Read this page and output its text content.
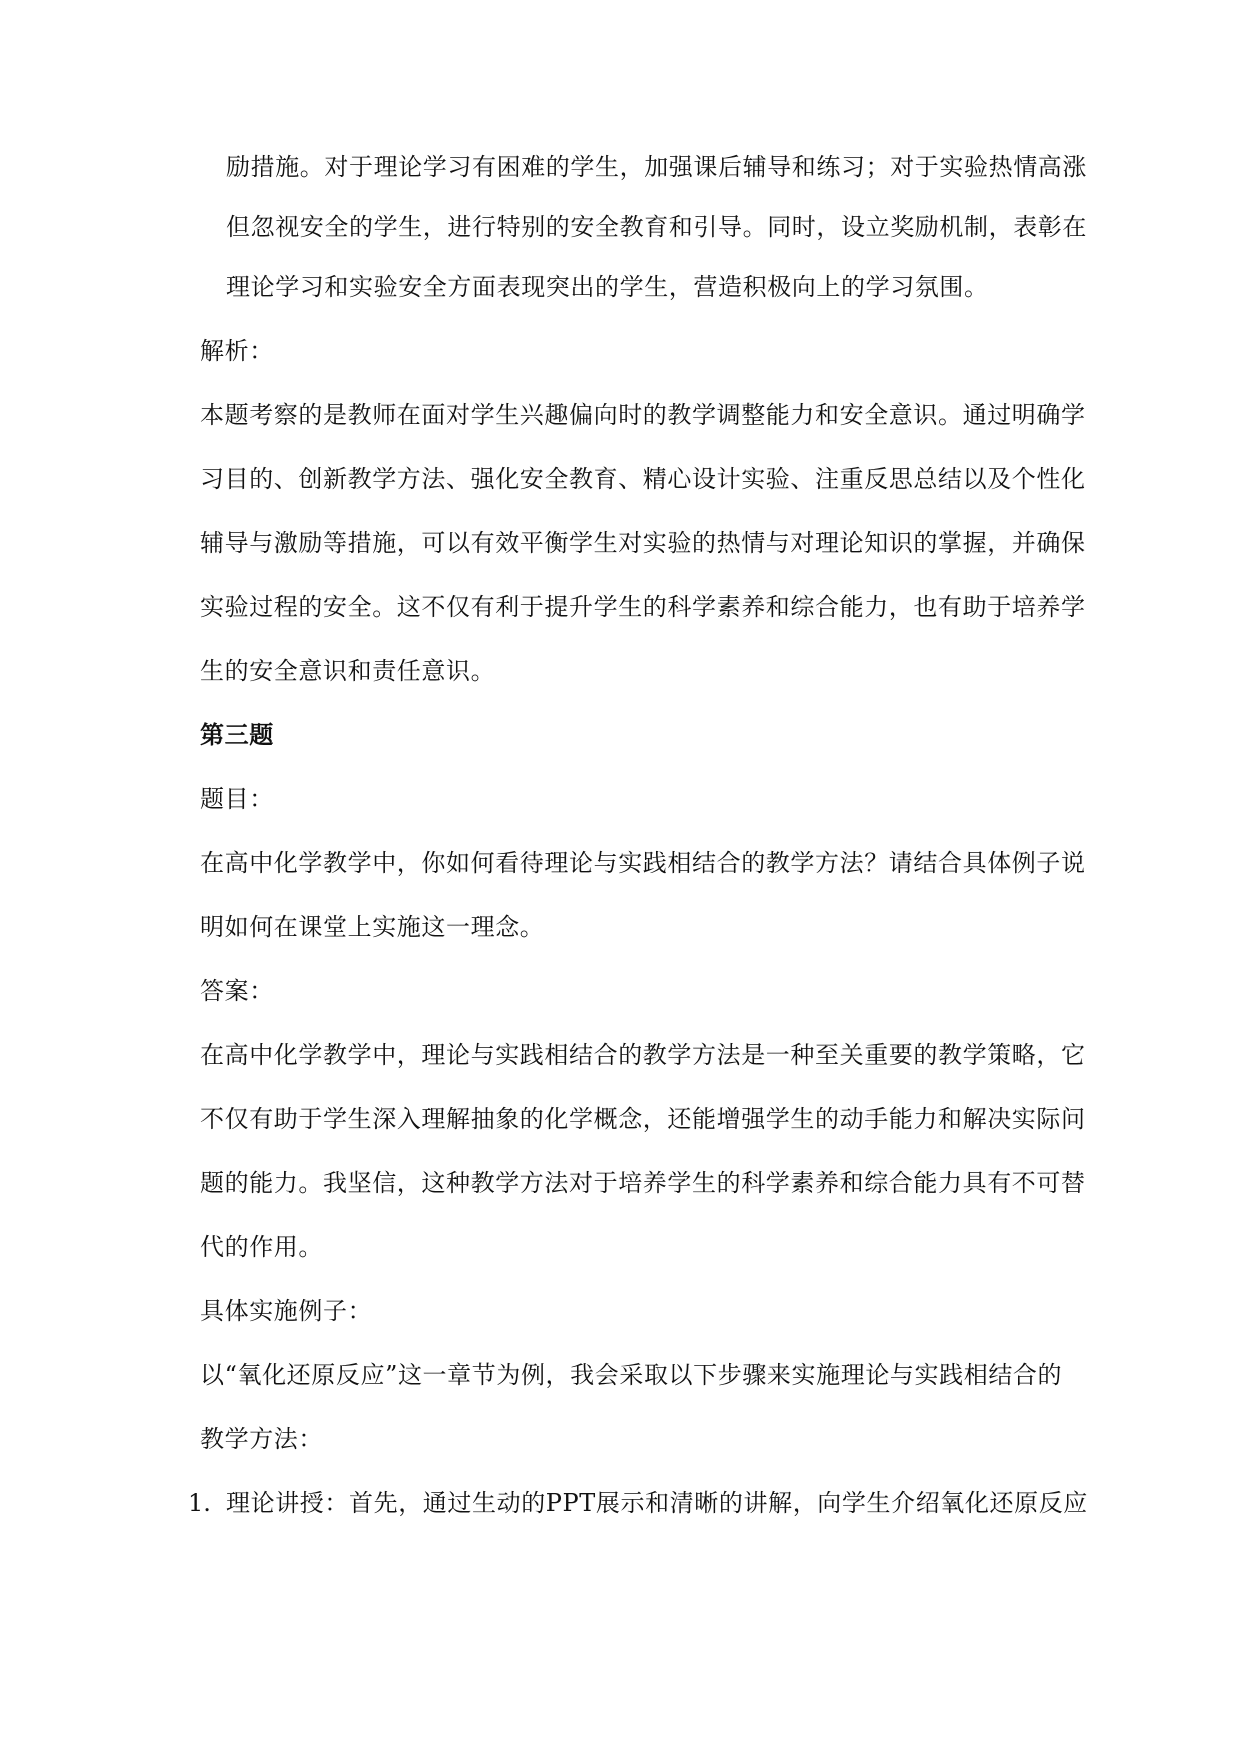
励措施。对于理论学习有困难的学生，加强课后辅导和练习；对于实验热情高涨
但忽视安全的学生，进行特别的安全教育和引导。同时，设立奖励机制，表彰在
理论学习和实验安全方面表现突出的学生，营造积极向上的学习氛围。
解析：
本题考察的是教师在面对学生兴趣偏向时的教学调整能力和安全意识。通过明确学
习目的、创新教学方法、强化安全教育、精心设计实验、注重反思总结以及个性化
辅导与激励等措施，可以有效平衡学生对实验的热情与对理论知识的掌握，并确保
实验过程的安全。这不仅有利于提升学生的科学素养和综合能力，也有助于培养学
生的安全意识和责任意识。
第三题
题目：
在高中化学教学中，你如何看待理论与实践相结合的教学方法？请结合具体例子说
明如何在课堂上实施这一理念。
答案：
在高中化学教学中，理论与实践相结合的教学方法是一种至关重要的教学策略，它
不仅有助于学生深入理解抽象的化学概念，还能增强学生的动手能力和解决实际问
题的能力。我坚信，这种教学方法对于培养学生的科学素养和综合能力具有不可替
代的作用。
具体实施例子：
以“氧化还原反应”这一章节为例，我会采取以下步骤来实施理论与实践相结合的
教学方法：
1. 理论讲授：首先，通过生动的PPT展示和清晰的讲解，向学生介绍氧化还原反应
